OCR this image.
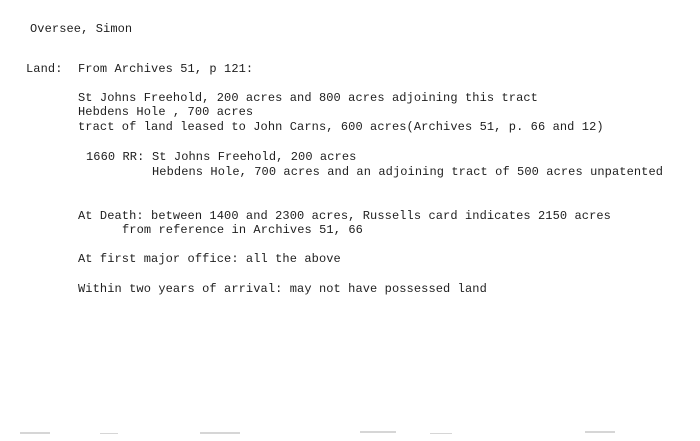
Oversee, Simon
Land: From Archives 51, p 121:
St Johns Freehold, 200 acres and 800 acres adjoining this tract
Hebdens Hole , 700 acres
tract of land leased to John Carns, 600 acres(Archives 51, p. 66 and 12)
1660 RR: St Johns Freehold, 200 acres
Hebdens Hole, 700 acres and an adjoining tract of 500 acres unpatented
At Death: between 1400 and 2300 acres, Russells card indicates 2150 acres
from reference in Archives 51, 66
At first major office: all the above
Within two years of arrival: may not have possessed land
